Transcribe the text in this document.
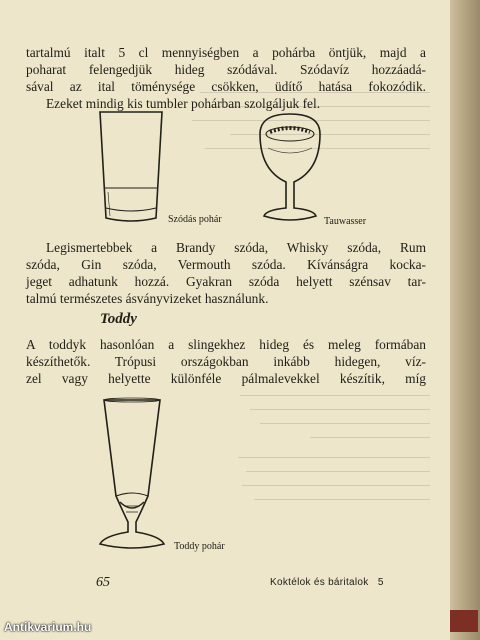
tartalmú italt 5 cl mennyiségben a pohárba öntjük, majd a
poharat felengedjük hideg szódával. Szódavíz hozzáadá-
sával az ital töménysége csökken, üdítő hatása fokozódik.
Ezeket mindig kis tumbler pohárban szolgáljuk fel.
Szódás pohár	Tauwasser
Legismertebbek a Brandy szóda, Whisky szóda, Rum
szóda, Gin szóda, Vermouth szóda. Kívánságra kocka-
jeget adhatunk hozzá. Gyakran szóda helyett szénsav tar-
talmú természetes ásványvizeket használunk.
Toddy
A toddyk hasonlóan a slingekhez hideg és meleg formában
készíthetők. Trópusi országokban inkább hidegen, víz-
zel vagy helyette különféle pálmalevekkel készítik, míg
Toddy pohár
65	Koktélok és báritalok 5
Antikvarium.hu
